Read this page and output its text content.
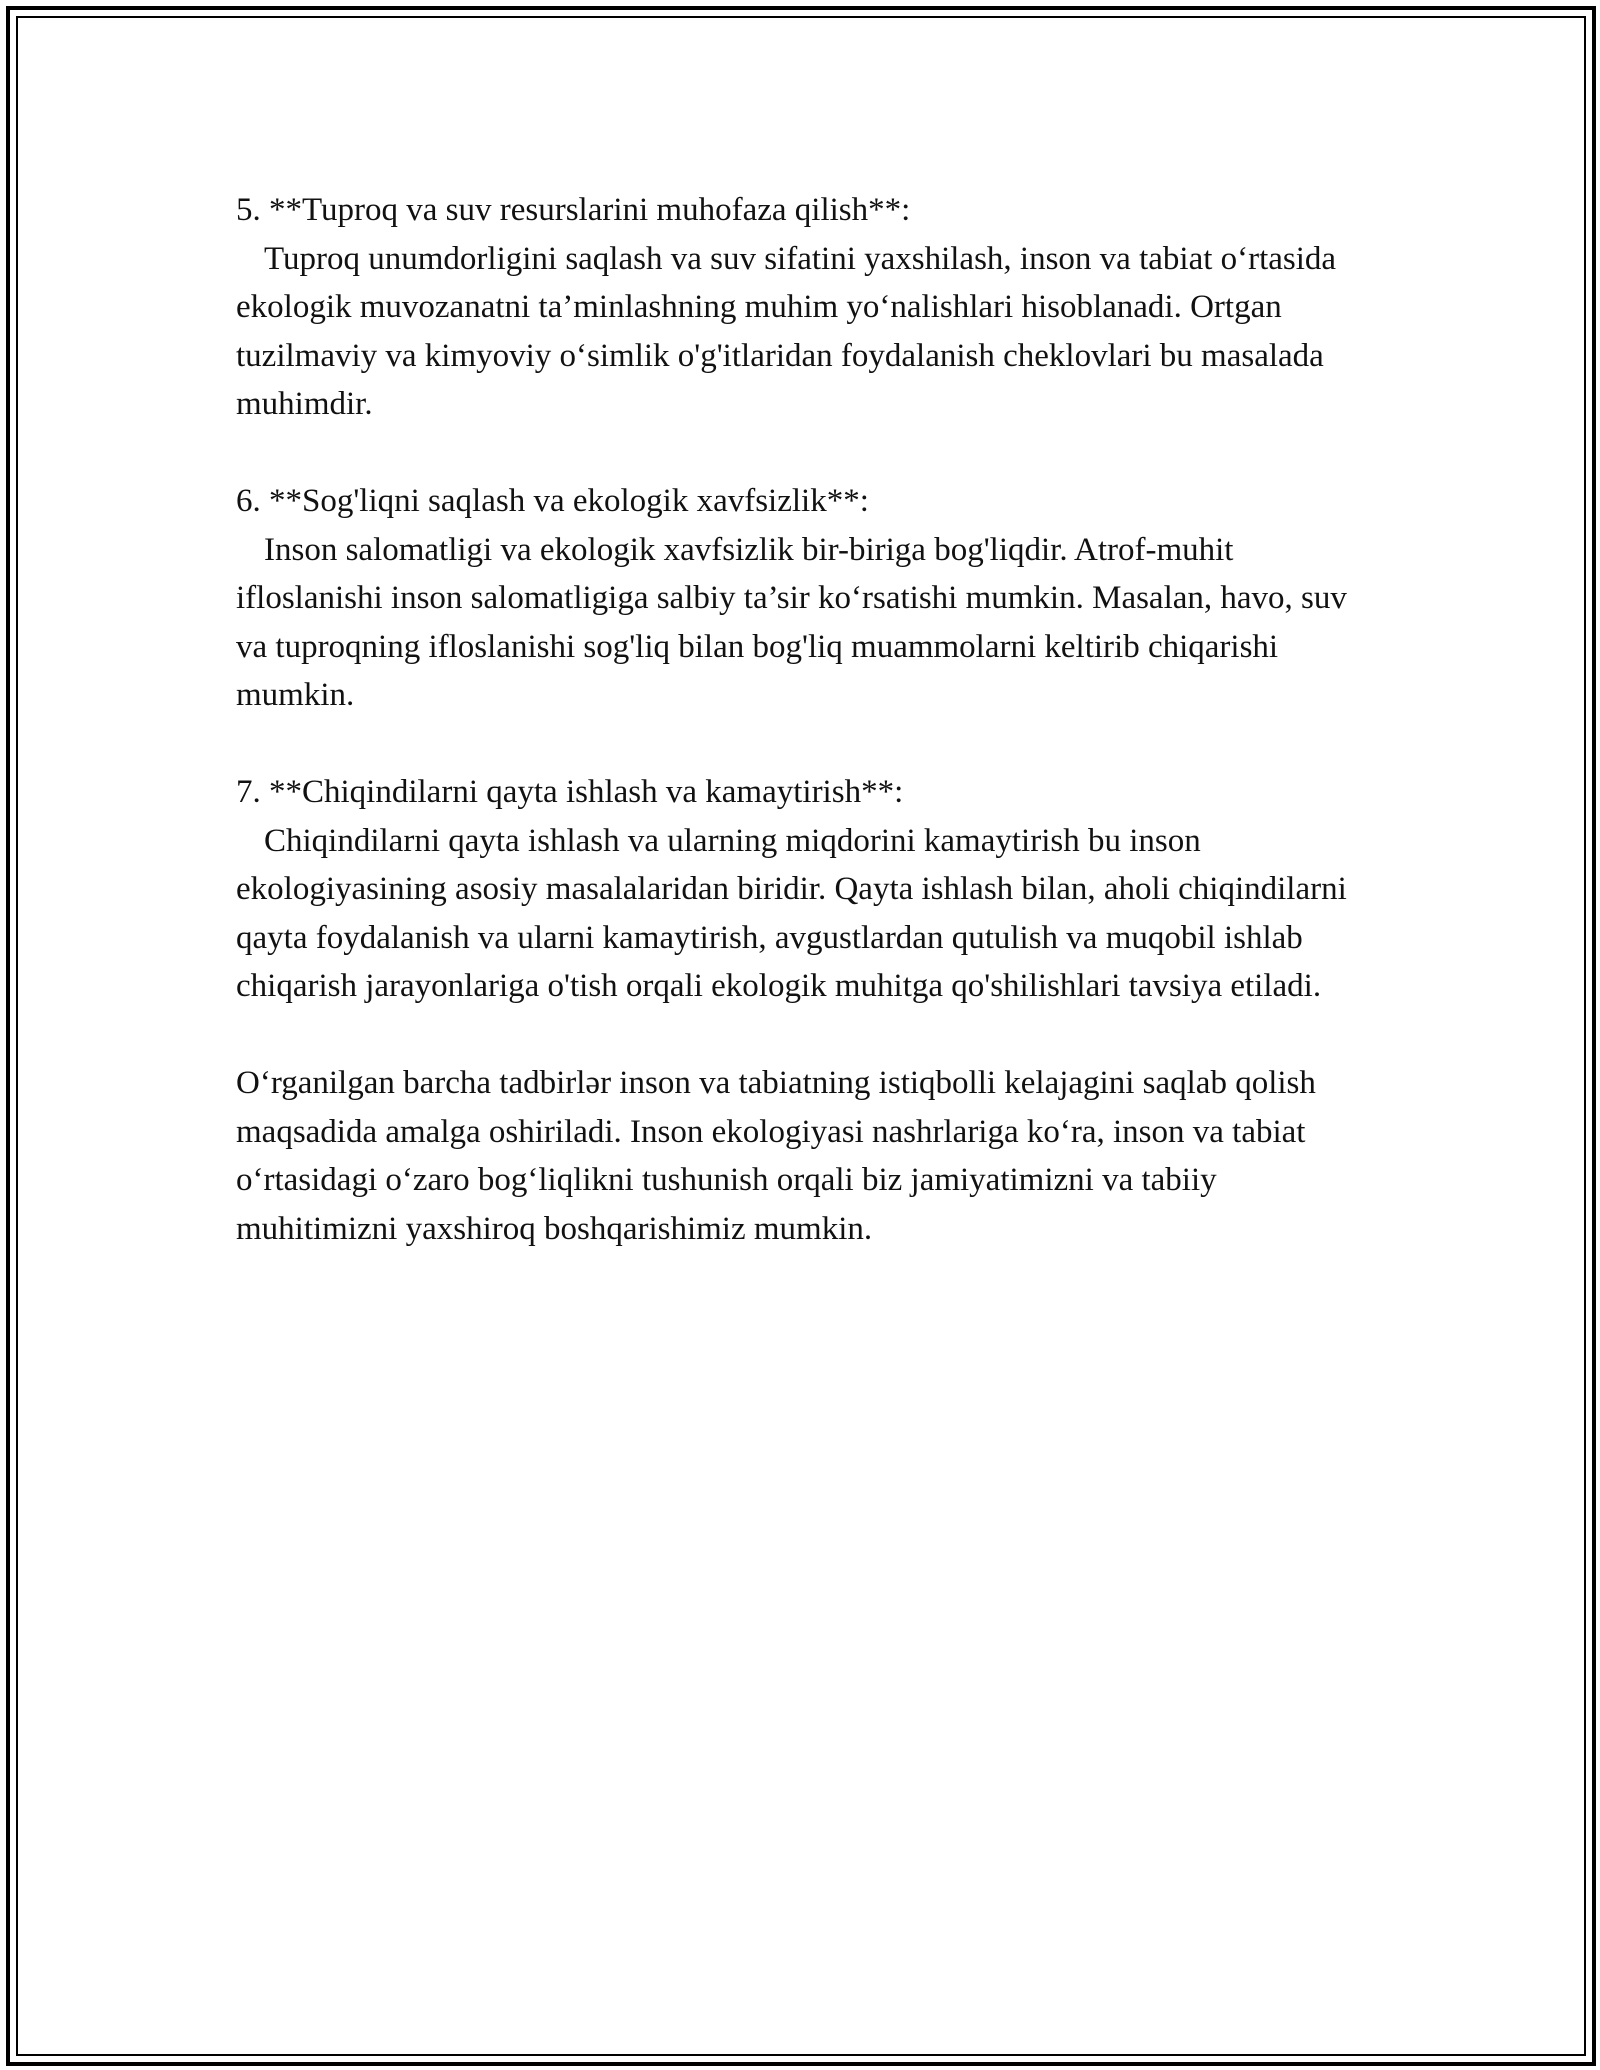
5. **Tuproq va suv resurslarini muhofaza qilish**:
Tuproq unumdorligini saqlash va suv sifatini yaxshilash, inson va tabiat o‘rtasida ekologik muvozanatni ta’minlashning muhim yo‘nalishlari hisoblanadi. Ortgan tuzilmaviy va kimyoviy o‘simlik o'g'itlaridan foydalanish cheklovlari bu masalada muhimdir.
6. **Sog'liqni saqlash va ekologik xavfsizlik**:
Inson salomatligi va ekologik xavfsizlik bir-biriga bog'liqdir. Atrof-muhit ifloslanishi inson salomatligiga salbiy ta’sir ko‘rsatishi mumkin. Masalan, havo, suv va tuproqning ifloslanishi sog'liq bilan bog'liq muammolarni keltirib chiqarishi mumkin.
7. **Chiqindilarni qayta ishlash va kamaytirish**:
Chiqindilarni qayta ishlash va ularning miqdorini kamaytirish bu inson ekologiyasining asosiy masalalaridan biridir. Qayta ishlash bilan, aholi chiqindilarni qayta foydalanish va ularni kamaytirish, avgustlardan qutulish va muqobil ishlab chiqarish jarayonlariga o'tish orqali ekologik muhitga qo'shilishlari tavsiya etiladi.
O‘rganilgan barcha tadbirlər inson va tabiatning istiqbolli kelajagini saqlab qolish maqsadida amalga oshiriladi. Inson ekologiyasi nashrlariga ko‘ra, inson va tabiat o‘rtasidagi o‘zaro bog‘liqlikni tushunish orqali biz jamiyatimizni va tabiiy muhitimizni yaxshiroq boshqarishimiz mumkin.
